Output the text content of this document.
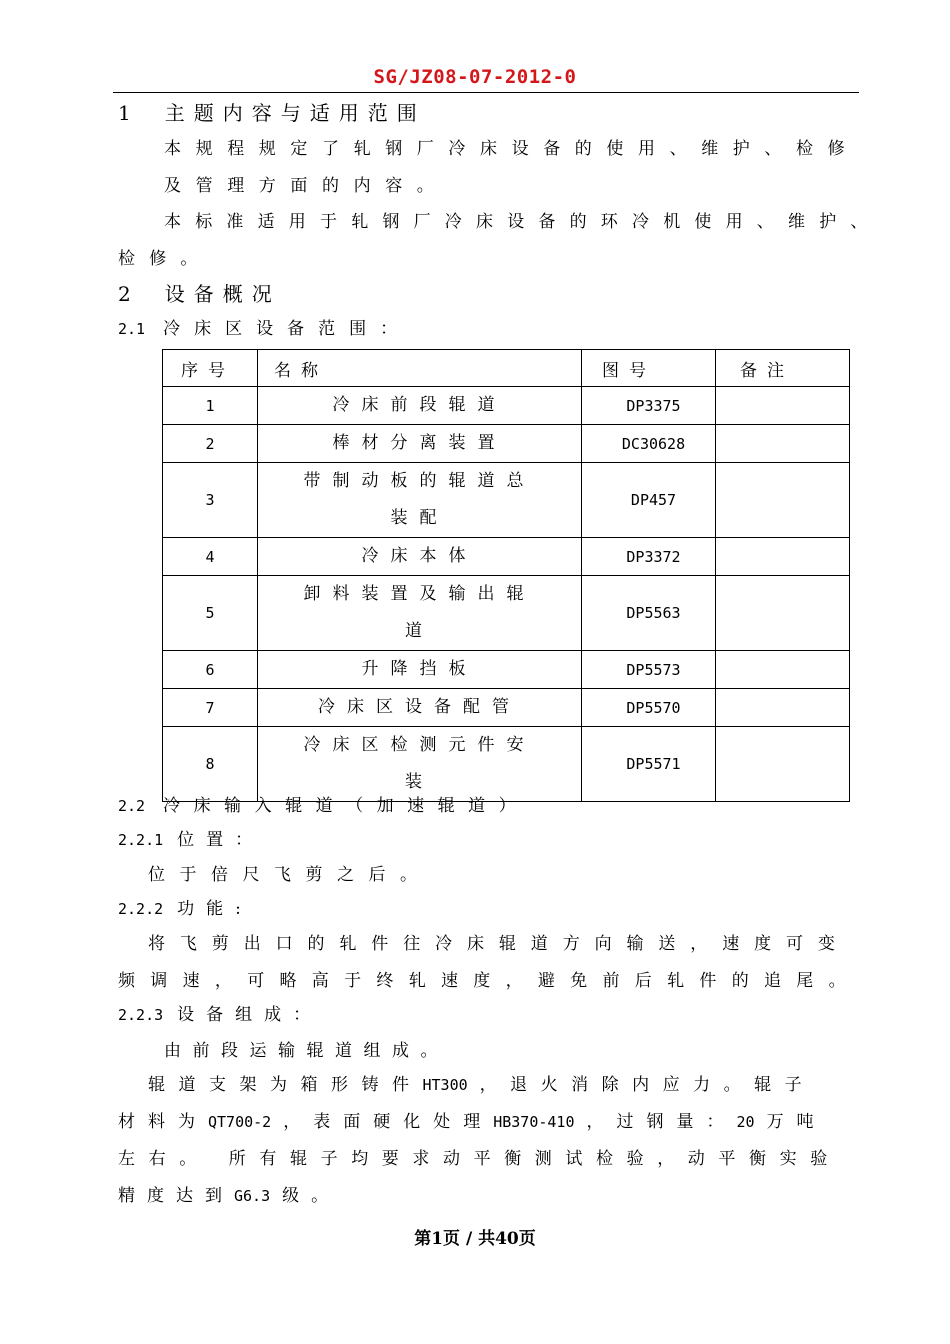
SG/JZ08-07-2012-0
1 主题内容与适用范围
本规程规定了轧钢厂冷床设备的使用、维护、检修
及管理方面的内容。
本标准适用于轧钢厂冷床设备的环冷机使用、维护、
检修。
2 设备概况
2.1 冷床区设备范围：
序号	名称	图号	备注
1	冷床前段辊道	DP3375	
2	棒材分离装置	DC30628	
3	带制动板的辊道总
装配	DP457	
4	冷床本体	DP3372	
5	卸料装置及输出辊
道	DP5563	
6	升降挡板	DP5573	
7	冷床区设备配管	DP5570	
8	冷床区检测元件安
装	DP5571	
2.2 冷床输入辊道（加速辊道）
2.2.1 位置：
位于倍尺飞剪之后。
2.2.2 功能:
将飞剪出口的轧件往冷床辊道方向输送，速度可变
频调速，可略高于终轧速度，避免前后轧件的追尾。
2.2.3 设备组成：
由前段运输辊道组成。
辊道支架为箱形铸件HT300 ，退火消除内应力。辊子
材料为QT700-2 ，表面硬化处理HB370-410 ，过钢量：20 万吨
左右。 所有辊子均要求动平衡测试检验，动平衡实验
精度达到G6.3 级。
第1页 / 共40页
